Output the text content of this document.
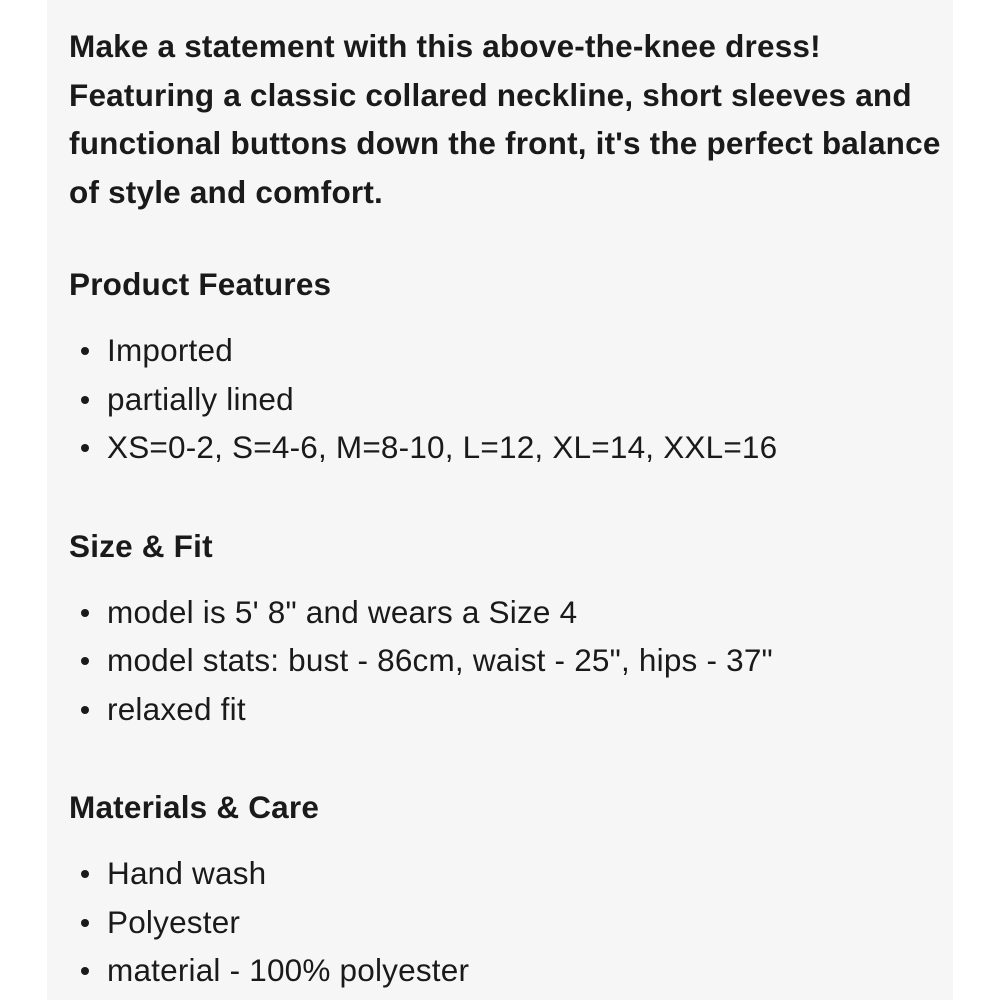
Make a statement with this above-the-knee dress! Featuring a classic collared neckline, short sleeves and functional buttons down the front, it's the perfect balance of style and comfort.

Product Features
Imported
partially lined
XS=0-2, S=4-6, M=8-10, L=12, XL=14, XXL=16
Size & Fit
model is 5' 8" and wears a Size 4
model stats: bust - 86cm, waist - 25", hips - 37"
relaxed fit
Materials & Care
Hand wash
Polyester
material - 100% polyester
